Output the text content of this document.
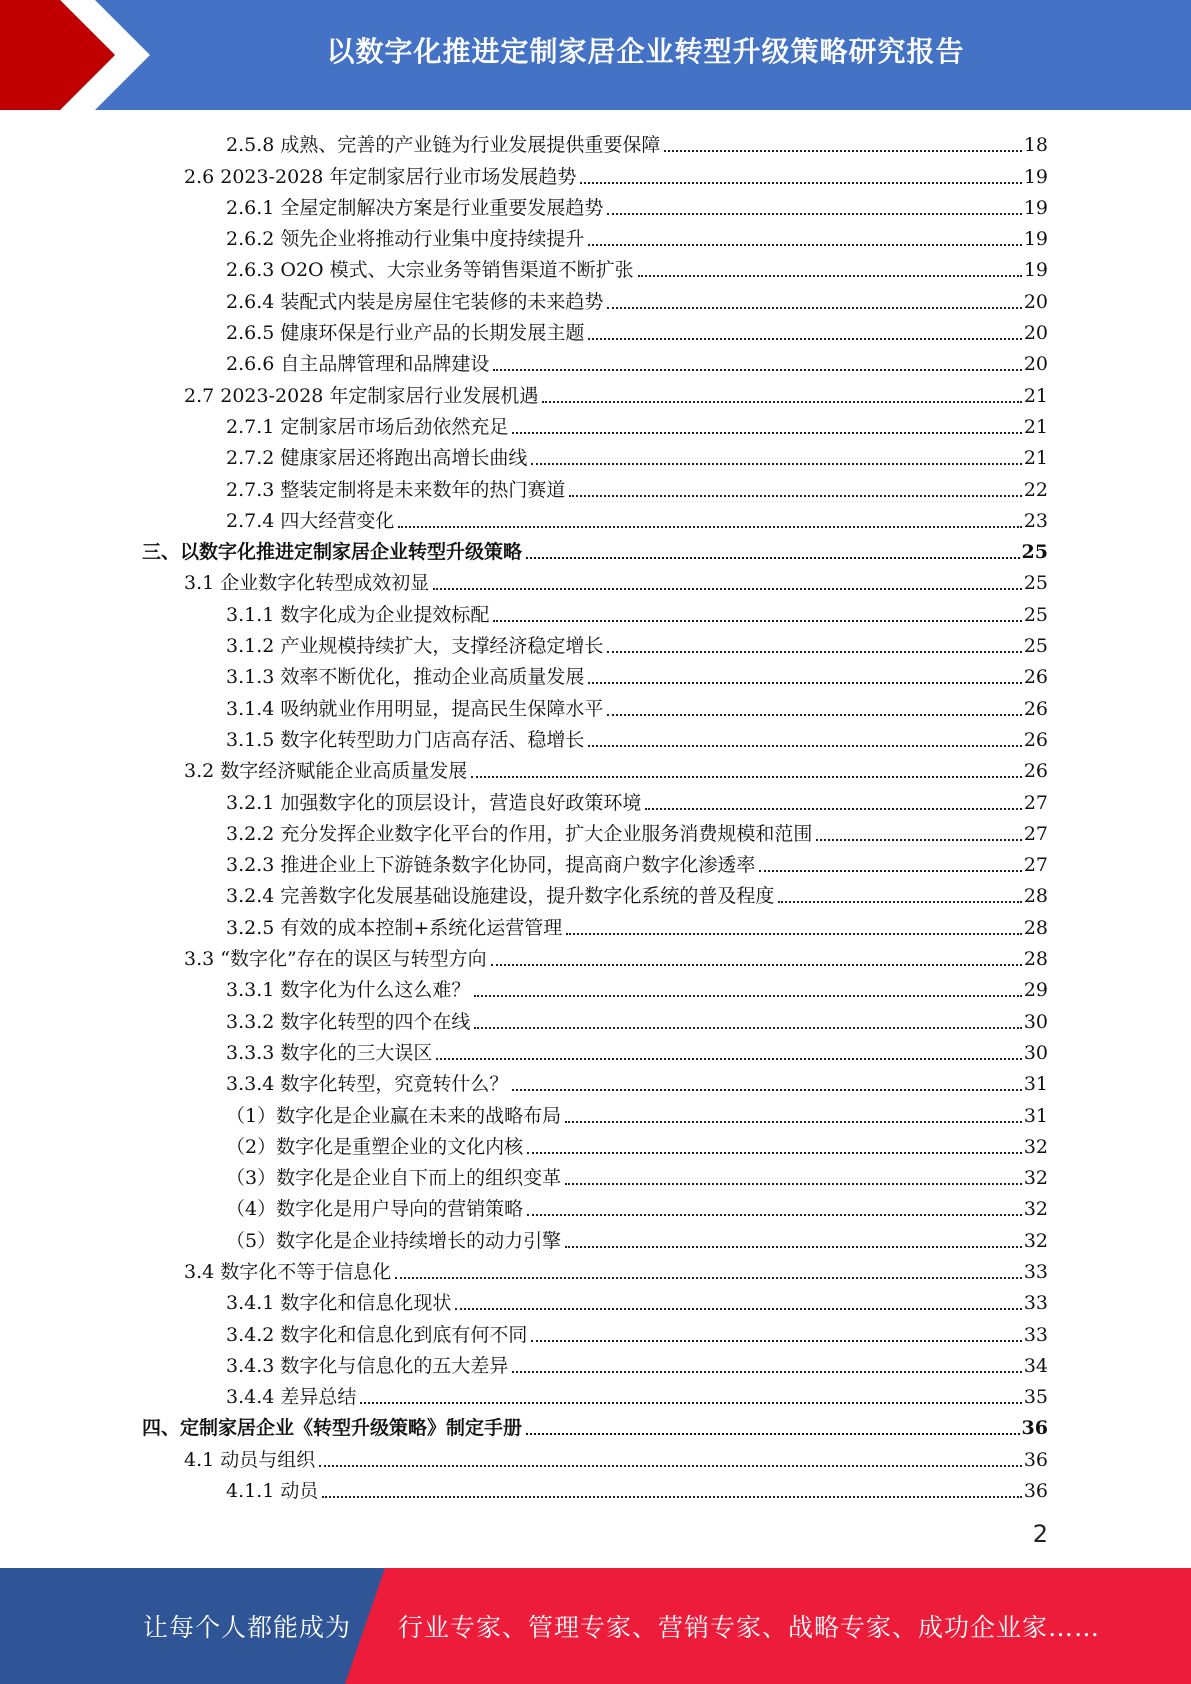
以数字化推进定制家居企业转型升级策略研究报告
2.5.8 成熟、完善的产业链为行业发展提供重要保障	18
2.6 2023-2028 年定制家居行业市场发展趋势	19
2.6.1 全屋定制解决方案是行业重要发展趋势	19
2.6.2 领先企业将推动行业集中度持续提升	19
2.6.3 O2O 模式、大宗业务等销售渠道不断扩张	19
2.6.4 装配式内装是房屋住宅装修的未来趋势	20
2.6.5 健康环保是行业产品的长期发展主题	20
2.6.6 自主品牌管理和品牌建设	20
2.7 2023-2028 年定制家居行业发展机遇	21
2.7.1 定制家居市场后劲依然充足	21
2.7.2 健康家居还将跑出高增长曲线	21
2.7.3 整装定制将是未来数年的热门赛道	22
2.7.4 四大经营变化	23
三、以数字化推进定制家居企业转型升级策略	25
3.1 企业数字化转型成效初显	25
3.1.1 数字化成为企业提效标配	25
3.1.2 产业规模持续扩大，支撑经济稳定增长	25
3.1.3 效率不断优化，推动企业高质量发展	26
3.1.4 吸纳就业作用明显，提高民生保障水平	26
3.1.5 数字化转型助力门店高存活、稳增长	26
3.2 数字经济赋能企业高质量发展	26
3.2.1 加强数字化的顶层设计，营造良好政策环境	27
3.2.2 充分发挥企业数字化平台的作用，扩大企业服务消费规模和范围	27
3.2.3 推进企业上下游链条数字化协同，提高商户数字化渗透率	27
3.2.4 完善数字化发展基础设施建设，提升数字化系统的普及程度	28
3.2.5 有效的成本控制+系统化运营管理	28
3.3 “数字化”存在的误区与转型方向	28
3.3.1 数字化为什么这么难？	29
3.3.2 数字化转型的四个在线	30
3.3.3 数字化的三大误区	30
3.3.4 数字化转型，究竟转什么？	31
（1）数字化是企业赢在未来的战略布局	31
（2）数字化是重塑企业的文化内核	32
（3）数字化是企业自下而上的组织变革	32
（4）数字化是用户导向的营销策略	32
（5）数字化是企业持续增长的动力引擎	32
3.4 数字化不等于信息化	33
3.4.1 数字化和信息化现状	33
3.4.2 数字化和信息化到底有何不同	33
3.4.3 数字化与信息化的五大差异	34
3.4.4 差异总结	35
四、定制家居企业《转型升级策略》制定手册	36
4.1 动员与组织	36
4.1.1 动员	36
2
让每个人都能成为 行业专家、管理专家、营销专家、战略专家、成功企业家……
